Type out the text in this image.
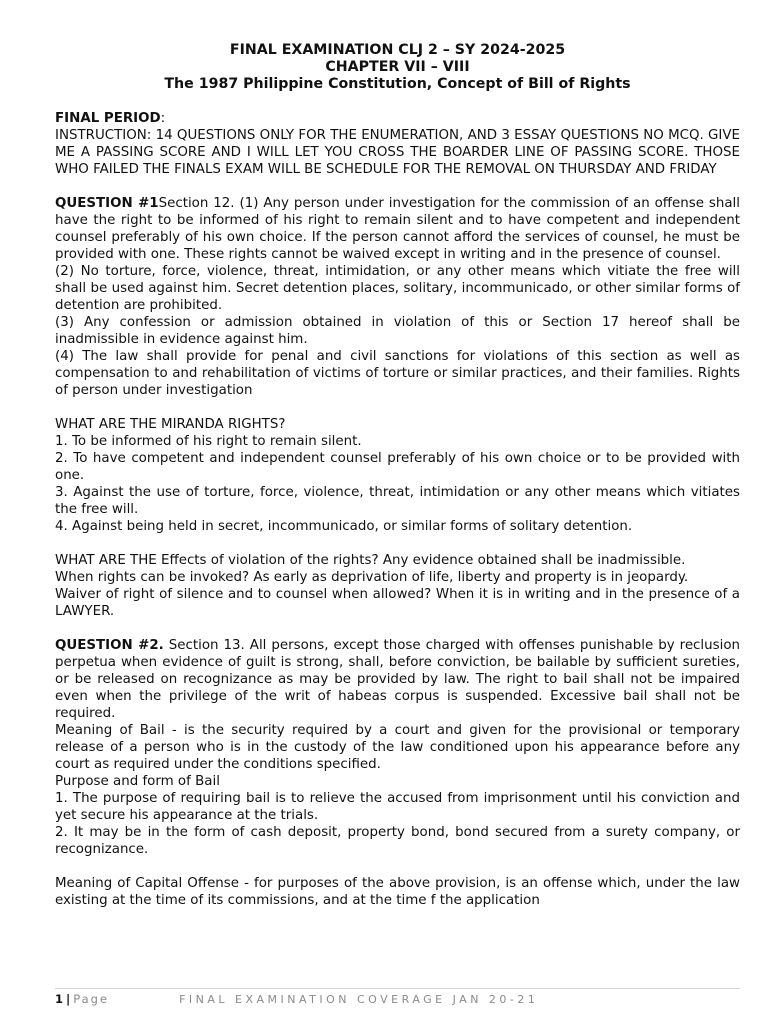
FINAL EXAMINATION CLJ 2 – SY 2024-2025
CHAPTER VII – VIII
The 1987 Philippine Constitution, Concept of Bill of Rights

FINAL PERIOD:

INSTRUCTION: 14 QUESTIONS ONLY FOR THE ENUMERATION, AND 3 ESSAY QUESTIONS NO MCQ. GIVE ME A PASSING SCORE AND I WILL LET YOU CROSS THE BOARDER LINE OF PASSING SCORE. THOSE WHO FAILED THE FINALS EXAM WILL BE SCHEDULE FOR THE REMOVAL ON THURSDAY AND FRIDAY

QUESTION #1Section 12. (1) Any person under investigation for the commission of an offense shall have the right to be informed of his right to remain silent and to have competent and independent counsel preferably of his own choice. If the person cannot afford the services of counsel, he must be provided with one. These rights cannot be waived except in writing and in the presence of counsel.

(2) No torture, force, violence, threat, intimidation, or any other means which vitiate the free will shall be used against him. Secret detention places, solitary, incommunicado, or other similar forms of detention are prohibited.

(3) Any confession or admission obtained in violation of this or Section 17 hereof shall be inadmissible in evidence against him.

(4) The law shall provide for penal and civil sanctions for violations of this section as well as compensation to and rehabilitation of victims of torture or similar practices, and their families. Rights of person under investigation

WHAT ARE THE MIRANDA RIGHTS?

1. To be informed of his right to remain silent.

2. To have competent and independent counsel preferably of his own choice or to be provided with one.

3. Against the use of torture, force, violence, threat, intimidation or any other means which vitiates the free will.

4. Against being held in secret, incommunicado, or similar forms of solitary detention.

WHAT ARE THE Effects of violation of the rights? Any evidence obtained shall be inadmissible.

When rights can be invoked? As early as deprivation of life, liberty and property is in jeopardy.

Waiver of right of silence and to counsel when allowed? When it is in writing and in the presence of a LAWYER.

QUESTION #2. Section 13. All persons, except those charged with offenses punishable by reclusion perpetua when evidence of guilt is strong, shall, before conviction, be bailable by sufficient sureties, or be released on recognizance as may be provided by law. The right to bail shall not be impaired even when the privilege of the writ of habeas corpus is suspended. Excessive bail shall not be required.

Meaning of Bail - is the security required by a court and given for the provisional or temporary release of a person who is in the custody of the law conditioned upon his appearance before any court as required under the conditions specified.

Purpose and form of Bail

1. The purpose of requiring bail is to relieve the accused from imprisonment until his conviction and yet secure his appearance at the trials.

2. It may be in the form of cash deposit, property bond, bond secured from a surety company, or recognizance.

Meaning of Capital Offense - for purposes of the above provision, is an offense which, under the law existing at the time of its commissions, and at the time f the application

1 | Page	FINAL EXAMINATION COVERAGE JAN 20-21
